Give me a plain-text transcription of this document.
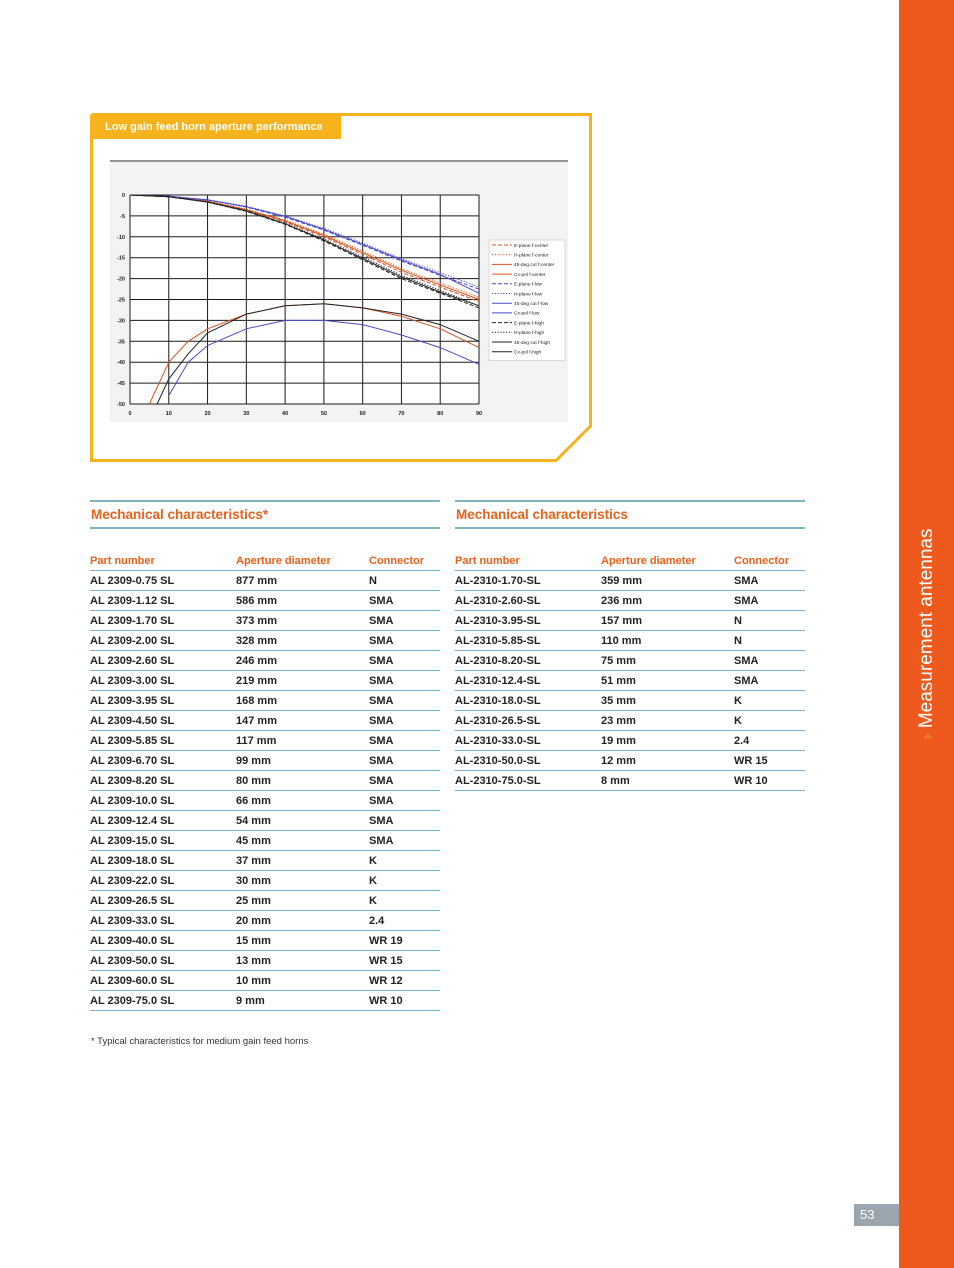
›Measurement antennas
53
Low gain feed horn aperture performance
0	10	20	30	40	50	60	70	80	90
0
-5
-10
-15
-20
-25
-30
-35
-40
-45
-50
E-plane f-center
H-plane f-center
45-deg cut f-center
Cx-pol f-center
E-plane f-low
H-plane f-low
45-deg cut f-low
Cx-pol f-low
E-plane f-high
H-plane f-high
45-deg cut f-high
Cx-pol f-high
Mechanical characteristics*
Part number	Aperture diameter	Connector
AL 2309-0.75 SL	877 mm	N
AL 2309-1.12 SL	586 mm	SMA
AL 2309-1.70 SL	373 mm	SMA
AL 2309-2.00 SL	328 mm	SMA
AL 2309-2.60 SL	246 mm	SMA
AL 2309-3.00 SL	219 mm	SMA
AL 2309-3.95 SL	168 mm	SMA
AL 2309-4.50 SL	147 mm	SMA
AL 2309-5.85 SL	117 mm	SMA
AL 2309-6.70 SL	99 mm	SMA
AL 2309-8.20 SL	80 mm	SMA
AL 2309-10.0 SL	66 mm	SMA
AL 2309-12.4 SL	54 mm	SMA
AL 2309-15.0 SL	45 mm	SMA
AL 2309-18.0 SL	37 mm	K
AL 2309-22.0 SL	30 mm	K
AL 2309-26.5 SL	25 mm	K
AL 2309-33.0 SL	20 mm	2.4
AL 2309-40.0 SL	15 mm	WR 19
AL 2309-50.0 SL	13 mm	WR 15
AL 2309-60.0 SL	10 mm	WR 12
AL 2309-75.0 SL	9 mm	WR 10
* Typical characteristics for medium gain feed horns
Mechanical characteristics
Part number	Aperture diameter	Connector
AL-2310-1.70-SL	359 mm	SMA
AL-2310-2.60-SL	236 mm	SMA
AL-2310-3.95-SL	157 mm	N
AL-2310-5.85-SL	110 mm	N
AL-2310-8.20-SL	75 mm	SMA
AL-2310-12.4-SL	51 mm	SMA
AL-2310-18.0-SL	35 mm	K
AL-2310-26.5-SL	23 mm	K
AL-2310-33.0-SL	19 mm	2.4
AL-2310-50.0-SL	12 mm	WR 15
AL-2310-75.0-SL	8 mm	WR 10
